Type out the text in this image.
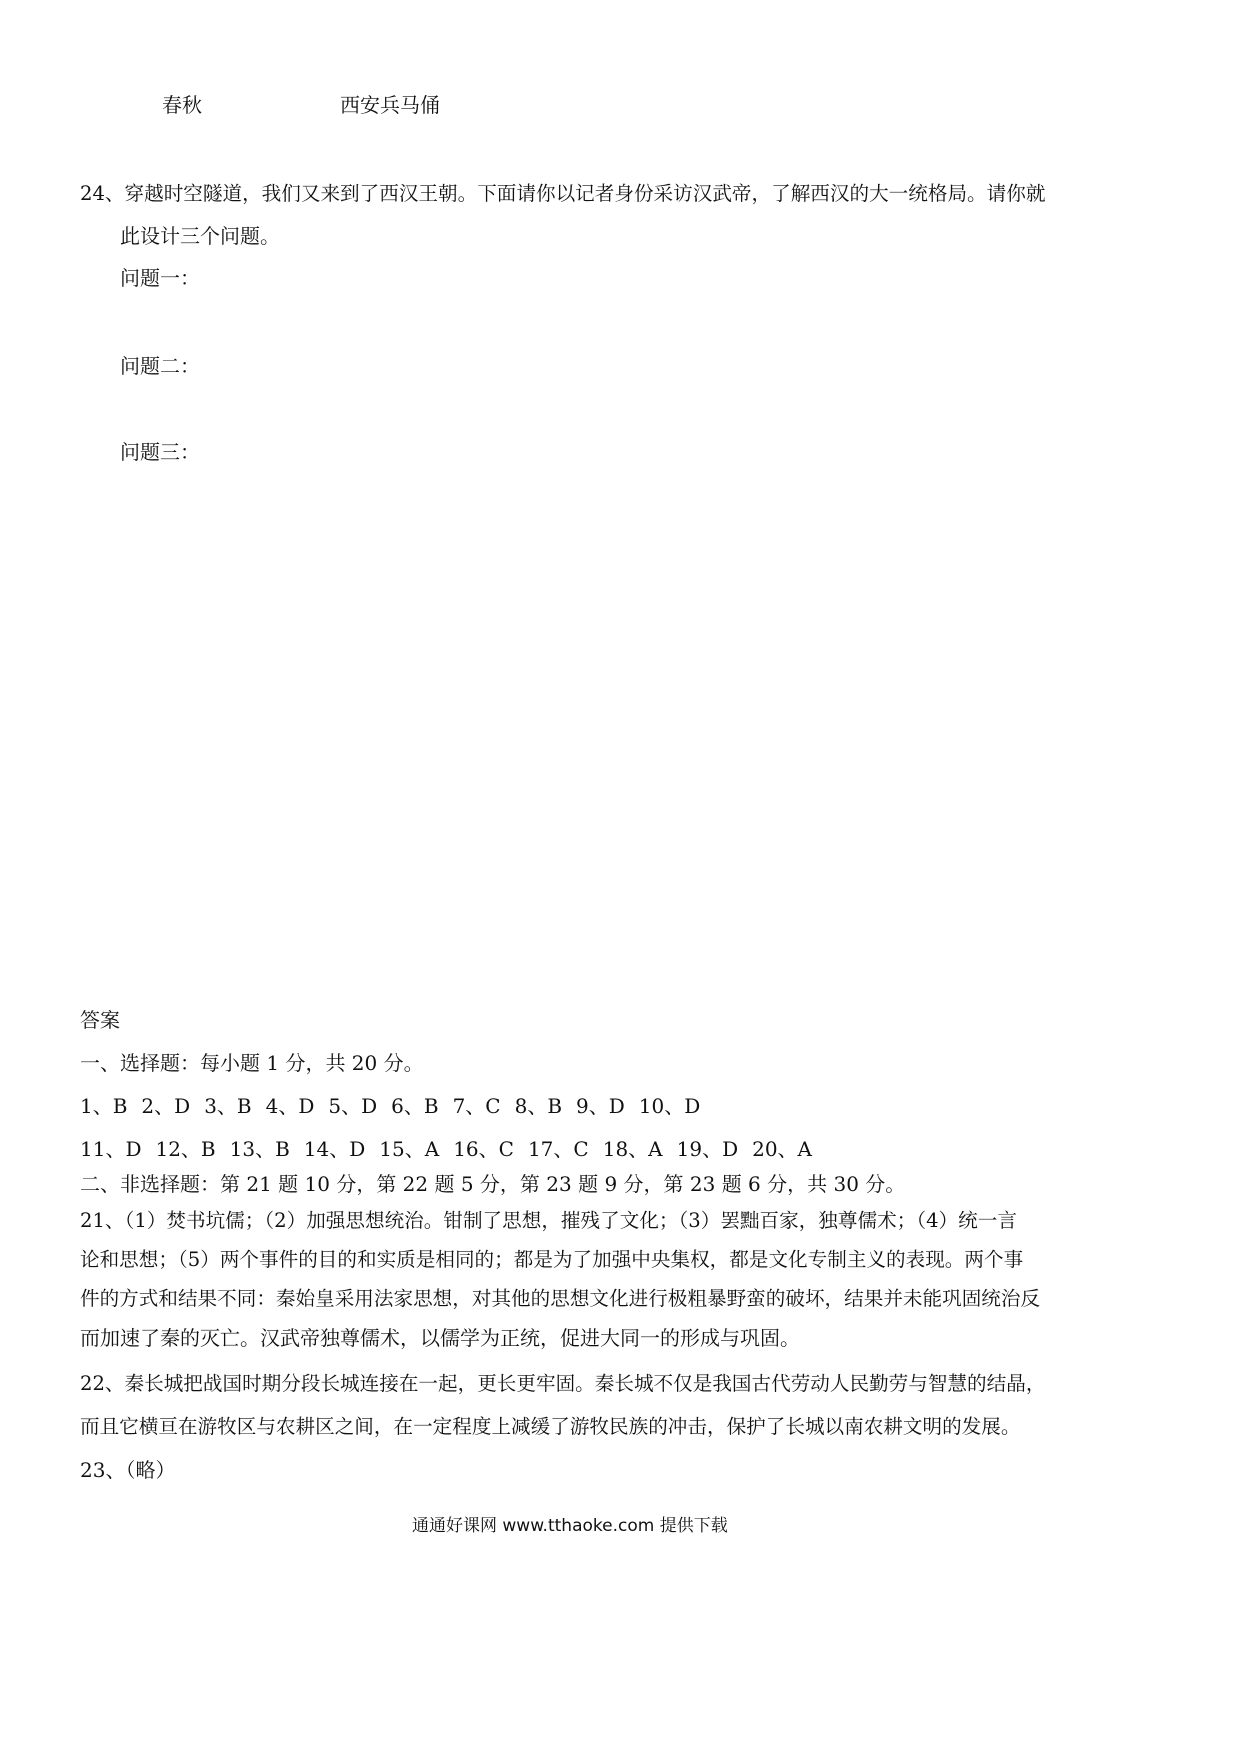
春秋	西安兵马俑
24、穿越时空隧道，我们又来到了西汉王朝。下面请你以记者身份采访汉武帝，了解西汉的大一统格局。请你就
此设计三个问题。
问题一：
问题二：
问题三：
答案
一、选择题：每小题 1 分，共 20 分。
1、B 2、D 3、B 4、D 5、D 6、B 7、C 8、B 9、D 10、D
11、D 12、B 13、B 14、D 15、A 16、C 17、C 18、A 19、D 20、A
二、非选择题：第 21 题 10 分，第 22 题 5 分，第 23 题 9 分，第 23 题 6 分，共 30 分。
21、（1）焚书坑儒；（2）加强思想统治。钳制了思想，摧残了文化；（3）罢黜百家，独尊儒术；（4）统一言
论和思想；（5）两个事件的目的和实质是相同的；都是为了加强中央集权，都是文化专制主义的表现。两个事
件的方式和结果不同：秦始皇采用法家思想，对其他的思想文化进行极粗暴野蛮的破坏，结果并未能巩固统治反
而加速了秦的灭亡。汉武帝独尊儒术，以儒学为正统，促进大同一的形成与巩固。
22、秦长城把战国时期分段长城连接在一起，更长更牢固。秦长城不仅是我国古代劳动人民勤劳与智慧的结晶，
而且它横亘在游牧区与农耕区之间，在一定程度上减缓了游牧民族的冲击，保护了长城以南农耕文明的发展。
23、（略）
通通好课网 www.tthaoke.com 提供下载
